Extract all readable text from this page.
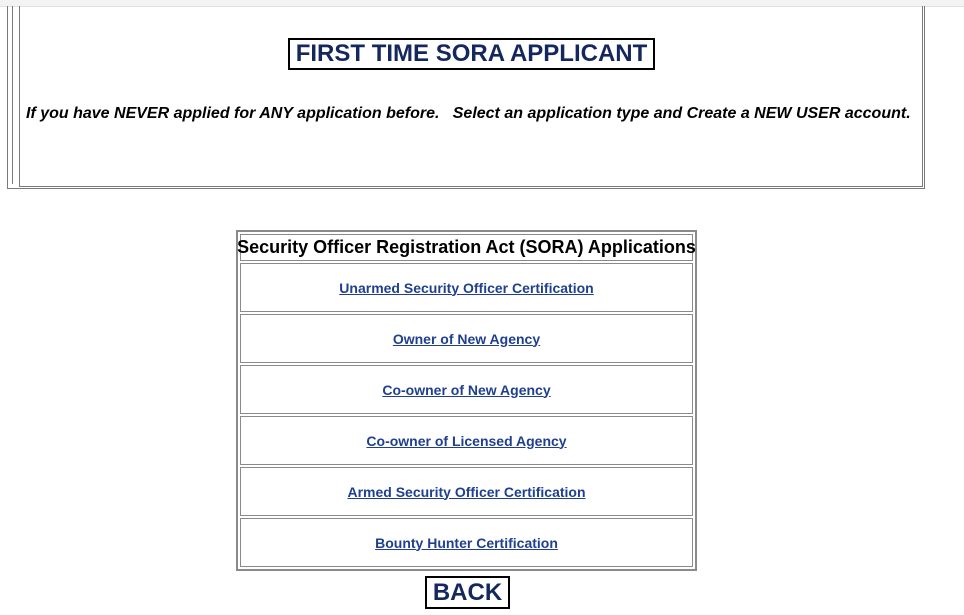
FIRST TIME SORA APPLICANT
If you have NEVER applied for ANY application before.   Select an application type and Create a NEW USER account.
Security Officer Registration Act (SORA) Applications
Unarmed Security Officer Certification
Owner of New Agency
Co-owner of New Agency
Co-owner of Licensed Agency
Armed Security Officer Certification
Bounty Hunter Certification
BACK
